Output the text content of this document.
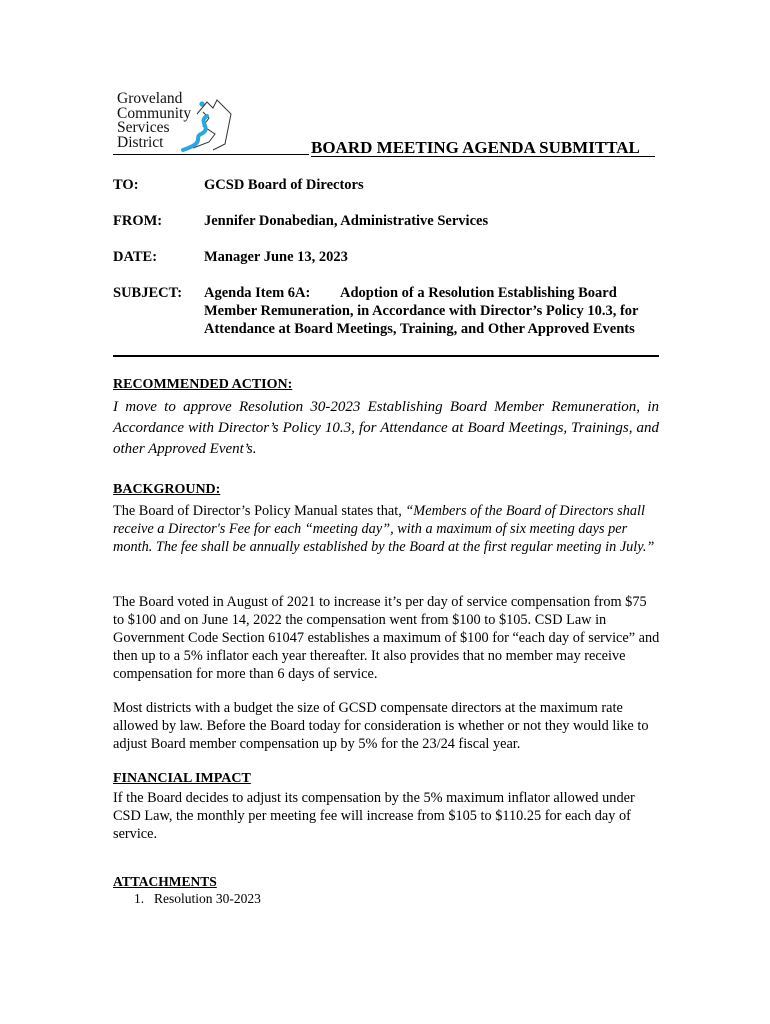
Groveland
Community
Services
District	BOARD MEETING AGENDA SUBMITTAL
TO:	GCSD Board of Directors
FROM:	Jennifer Donabedian, Administrative Services
DATE:	Manager June 13, 2023
SUBJECT: Agenda Item 6A: Adoption of a Resolution Establishing Board Member Remuneration, in Accordance with Director’s Policy 10.3, for Attendance at Board Meetings, Training, and Other Approved Events
RECOMMENDED ACTION:
I move to approve Resolution 30-2023 Establishing Board Member Remuneration, in Accordance with Director’s Policy 10.3, for Attendance at Board Meetings, Trainings, and other Approved Event’s.
BACKGROUND:
The Board of Director’s Policy Manual states that, “Members of the Board of Directors shall receive a Director's Fee for each “meeting day”, with a maximum of six meeting days per month. The fee shall be annually established by the Board at the first regular meeting in July.”
The Board voted in August of 2021 to increase it’s per day of service compensation from $75 to $100 and on June 14, 2022 the compensation went from $100 to $105. CSD Law in Government Code Section 61047 establishes a maximum of $100 for “each day of service” and then up to a 5% inflator each year thereafter. It also provides that no member may receive compensation for more than 6 days of service.
Most districts with a budget the size of GCSD compensate directors at the maximum rate allowed by law. Before the Board today for consideration is whether or not they would like to adjust Board member compensation up by 5% for the 23/24 fiscal year.
FINANCIAL IMPACT
If the Board decides to adjust its compensation by the 5% maximum inflator allowed under CSD Law, the monthly per meeting fee will increase from $105 to $110.25 for each day of service.
ATTACHMENTS
1. Resolution 30-2023
